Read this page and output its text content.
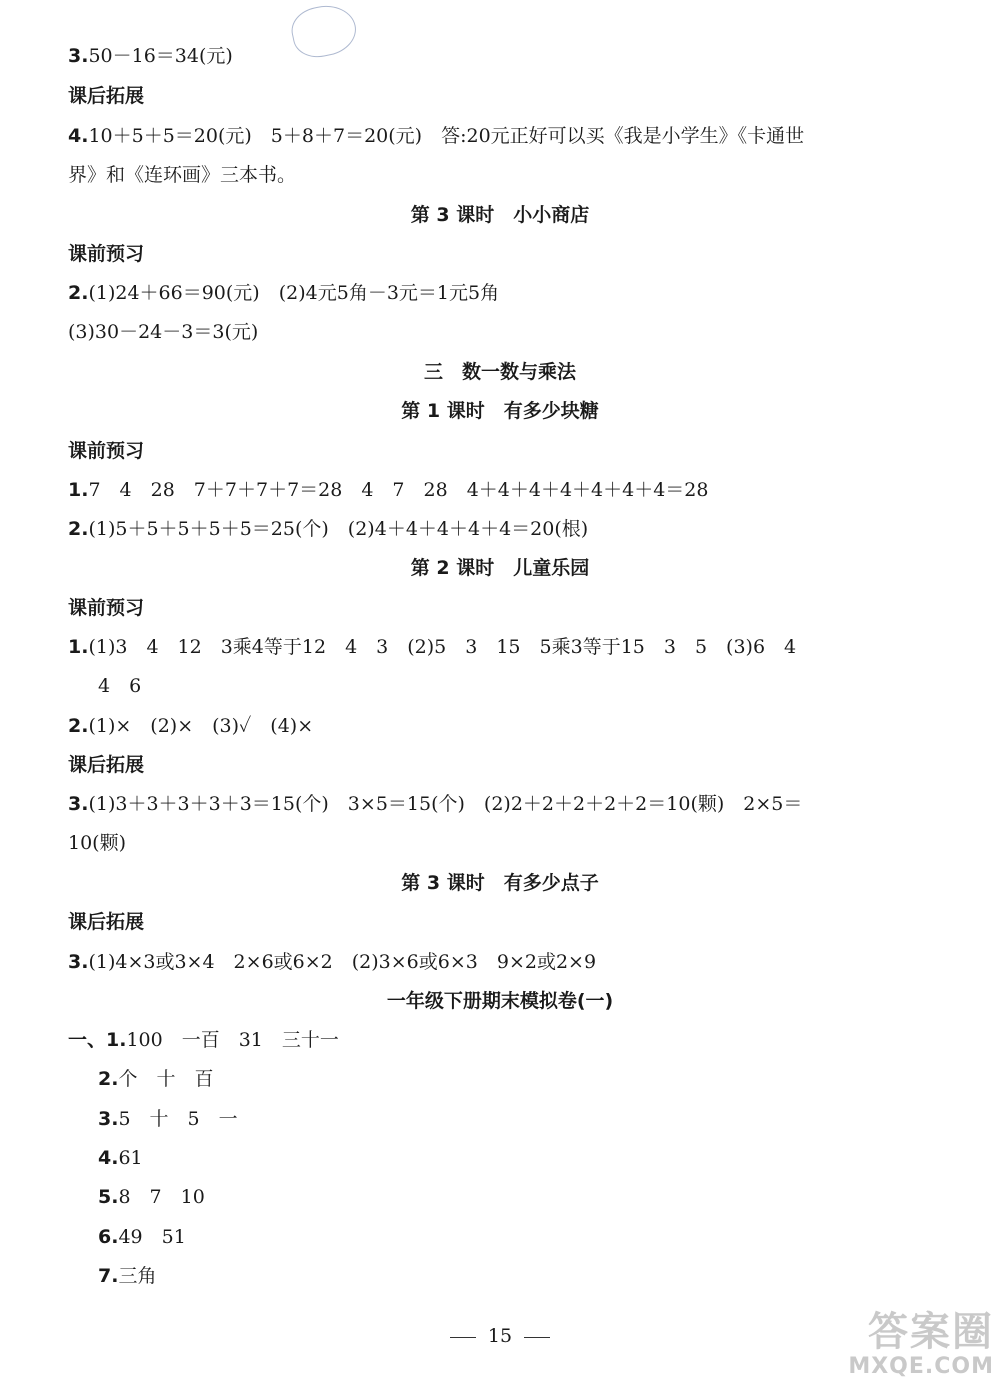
3.50－16＝34(元)
课后拓展
4.10＋5＋5＝20(元)　5＋8＋7＝20(元)　答:20元正好可以买《我是小学生》《卡通世
界》和《连环画》三本书。
第 3 课时　小小商店
课前预习
2.(1)24＋66＝90(元)　(2)4元5角－3元＝1元5角
(3)30－24－3＝3(元)
三　数一数与乘法
第 1 课时　有多少块糖
课前预习
1.7　4　28　7＋7＋7＋7＝28　4　7　28　4＋4＋4＋4＋4＋4＋4＝28
2.(1)5＋5＋5＋5＋5＝25(个)　(2)4＋4＋4＋4＋4＝20(根)
第 2 课时　儿童乐园
课前预习
1.(1)3　4　12　3乘4等于12　4　3　(2)5　3　15　5乘3等于15　3　5　(3)6　4
4　6
2.(1)×　(2)×　(3)✓　(4)×
课后拓展
3.(1)3＋3＋3＋3＋3＝15(个)　3×5＝15(个)　(2)2＋2＋2＋2＋2＝10(颗)　2×5＝
10(颗)
第 3 课时　有多少点子
课后拓展
3.(1)4×3或3×4　2×6或6×2　(2)3×6或6×3　9×2或2×9
一年级下册期末模拟卷(一)
一、1.100　一百　31　三十一
2.个　十　百
3.5　十　5　一
4.61
5.8　7　10
6.49　51
7.三角
15	答案圈
MXQE.COM
